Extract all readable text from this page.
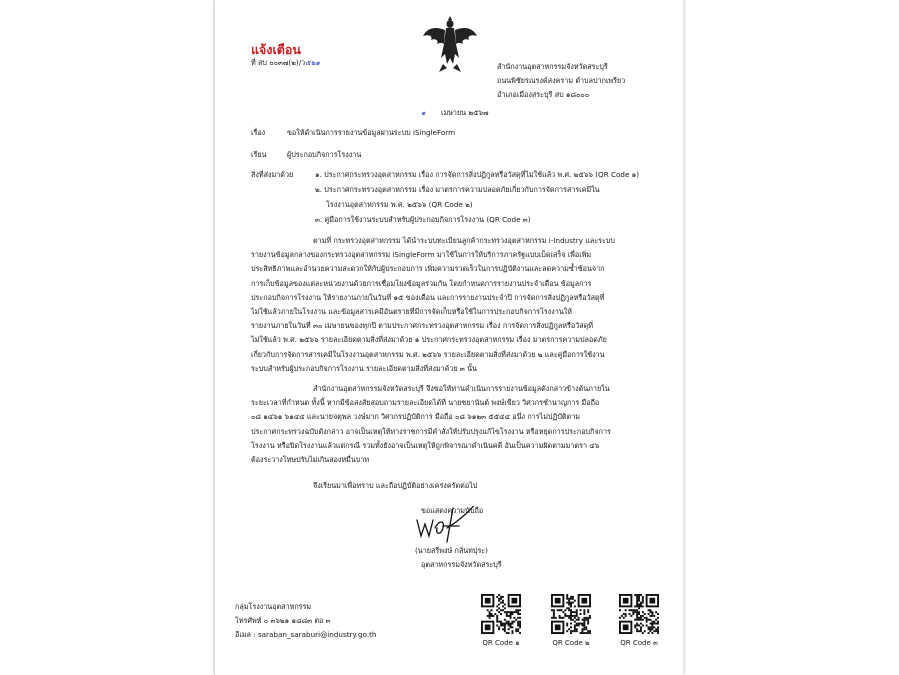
แจ้งเตือน
ที่ สบ ๐๐๓๗(๒)/ว๕๒๑	สำนักงานอุตสาหกรรมจังหวัดสระบุรี
ถนนพิชัยรณรงค์สงคราม ตำบลปากเพรียว
อำเภอเมืองสระบุรี สบ ๑๘๐๐๐
๑ เมษายน ๒๕๖๗
เรื่อง	ขอให้ดำเนินการรายงานข้อมูลผ่านระบบ iSingleForm
เรียน	ผู้ประกอบกิจการโรงงาน
สิ่งที่ส่งมาด้วย	๑. ประกาศกระทรวงอุตสาหกรรม เรื่อง การจัดการสิ่งปฏิกูลหรือวัสดุที่ไม่ใช้แล้ว พ.ศ. ๒๕๖๖ (QR Code ๑)
๒. ประกาศกระทรวงอุตสาหกรรม เรื่อง มาตรการความปลอดภัยเกี่ยวกับการจัดการสารเคมีใน
โรงงานอุตสาหกรรม พ.ศ. ๒๕๖๖ (QR Code ๒)
๓. คู่มือการใช้งานระบบสำหรับผู้ประกอบกิจการโรงงาน (QR Code ๓)
ตามที่ กระทรวงอุตสาหกรรม ได้นำระบบทะเบียนลูกค้ากระทรวงอุตสาหกรรม i-Industry และระบบ
รายงานข้อมูลกลางของกระทรวงอุตสาหกรรม iSingleForm มาใช้ในการให้บริการภาครัฐแบบเบ็ดเสร็จ เพื่อเพิ่ม
ประสิทธิภาพและอำนวยความสะดวกให้กับผู้ประกอบการ เพิ่มความรวดเร็วในการปฏิบัติงานและลดความซ้ำซ้อนจาก
การเก็บข้อมูลของแต่ละหน่วยงานด้วยการเชื่อมโยงข้อมูลร่วมกัน โดยกำหนดการรายงานประจำเดือน ข้อมูลการ
ประกอบกิจการโรงงาน ให้รายงานภายในวันที่ ๑๕ ของเดือน และการรายงานประจำปี การจัดการสิ่งปฏิกูลหรือวัสดุที่
ไม่ใช้แล้วภายในโรงงาน และข้อมูลสารเคมีอันตรายที่มีการจัดเก็บหรือใช้ในการประกอบกิจการโรงงานให้
รายงานภายในวันที่ ๓๐ เมษายนของทุกปี ตามประกาศกระทรวงอุตสาหกรรม เรื่อง การจัดการสิ่งปฏิกูลหรือวัสดุที่
ไม่ใช้แล้ว พ.ศ. ๒๕๖๖ รายละเอียดตามสิ่งที่ส่งมาด้วย ๑ ประกาศกระทรวงอุตสาหกรรม เรื่อง มาตรการความปลอดภัย
เกี่ยวกับการจัดการสารเคมีในโรงงานอุตสาหกรรม พ.ศ. ๒๕๖๖ รายละเอียดตามสิ่งที่ส่งมาด้วย ๒ และคู่มือการใช้งาน
ระบบสำหรับผู้ประกอบกิจการโรงงาน รายละเอียดตามสิ่งที่ส่งมาด้วย ๓ นั้น
สำนักงานอุตสาหกรรมจังหวัดสระบุรี จึงขอให้ท่านดำเนินการรายงานข้อมูลดังกล่าวข้างต้นภายใน
ระยะเวลาที่กำหนด ทั้งนี้ หากมีข้อสงสัยสอบถามรายละเอียดได้ที่ นายชยานันต์ พงษ์เขียว วิศวกรชำนาญการ มือถือ
๐๘ ๑๔๖๑ ๖๑๔๔ และนายจตุพล วงษ์มาก วิศวกรปฏิบัติการ มือถือ ๐๘ ๖๑๒๓ ๕๕๔๔ อนึ่ง การไม่ปฏิบัติตาม
ประกาศกระทรวงฉบับดังกล่าว อาจเป็นเหตุให้ทางราชการมีคำสั่งให้ปรับปรุงแก้ไขโรงงาน หรือหยุดการประกอบกิจการ
โรงงาน หรือปิดโรงงานแล้วแต่กรณี รวมทั้งยังอาจเป็นเหตุให้ถูกพิจารณาดำเนินคดี อันเป็นความผิดตามมาตรา ๔๖
ต้องระวางโทษปรับไม่เกินสองหมื่นบาท
จึงเรียนมาเพื่อทราบ และถือปฏิบัติอย่างเคร่งครัดต่อไป
ขอแสดงความนับถือ
(นายสรีพงษ์ กลั่นทปุระ)
อุตสาหกรรมจังหวัดสระบุรี
กลุ่มโรงงานอุตสาหกรรม
โทรศัพท์ ๐ ๓๖๒๑ ๑๘๘๓ ต่อ ๓
อีเมล : saraban_saraburi@industry.go.th
QR Code ๑	QR Code ๒	QR Code ๓
